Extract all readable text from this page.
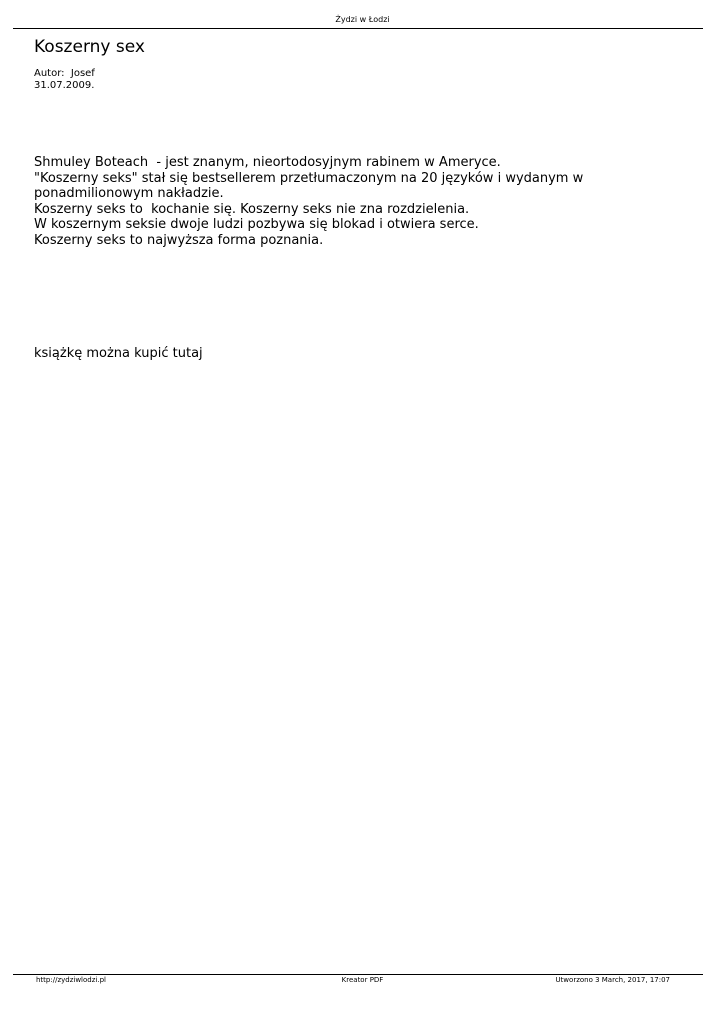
Żydzi w Łodzi
Koszerny sex
Autor:  Josef
31.07.2009.

Shmuley Boteach  - jest znanym, nieortodosyjnym rabinem w Ameryce.

"Koszerny seks" stał się bestsellerem przetłumaczonym na 20 języków i wydanym w ponadmilionowym nakładzie.

Koszerny seks to  kochanie się. Koszerny seks nie zna rozdzielenia.

W koszernym seksie dwoje ludzi pozbywa się blokad i otwiera serce.

Koszerny seks to najwyższa forma poznania.

książkę można kupić tutaj
http://zydziwlodzi.pl	Kreator PDF	Utworzono 3 March, 2017, 17:07
